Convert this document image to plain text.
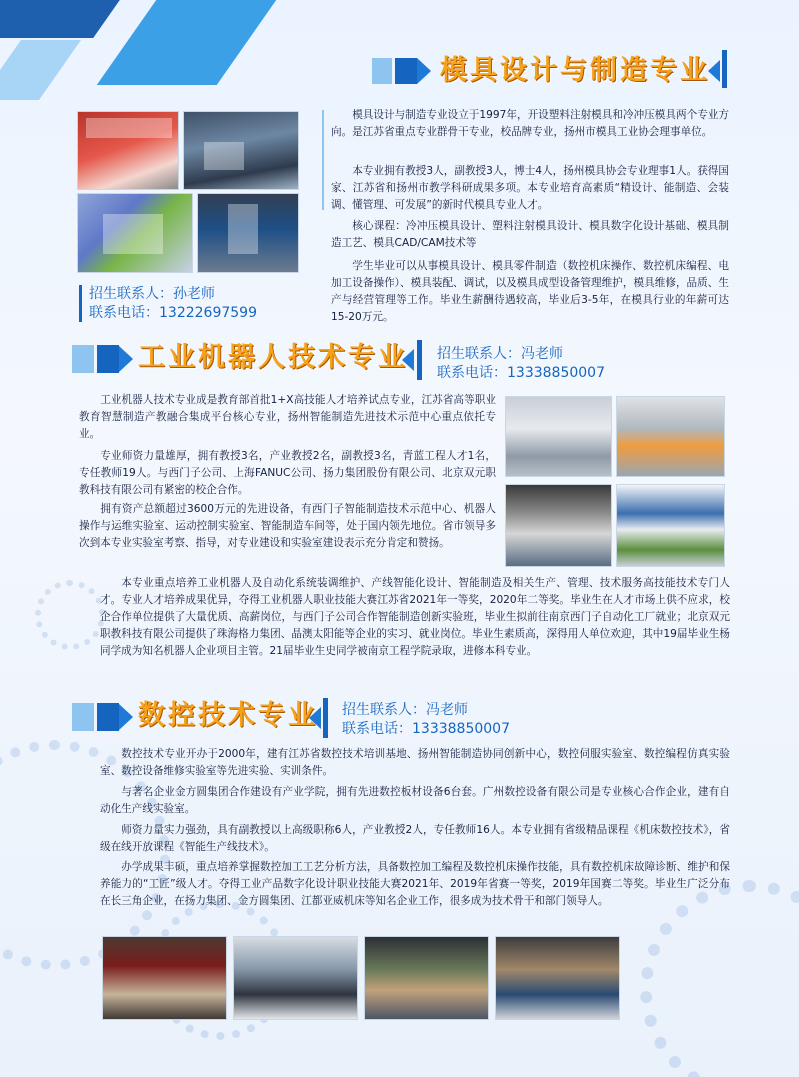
模具设计与制造专业
招生联系人：孙老师
联系电话：13222697599
模具设计与制造专业设立于1997年，开设塑料注射模具和冷冲压模具两个专业方向。是江苏省重点专业群骨干专业，校品牌专业，扬州市模具工业协会理事单位。
本专业拥有教授3人，副教授3人，博士4人，扬州模具协会专业理事1人。获得国家、江苏省和扬州市教学科研成果多项。本专业培育高素质“精设计、能制造、会装调、懂管理、可发展”的新时代模具专业人才。
核心课程：冷冲压模具设计、塑料注射模具设计、模具数字化设计基础、模具制造工艺、模具CAD/CAM技术等
学生毕业可以从事模具设计、模具零件制造（数控机床操作、数控机床编程、电加工设备操作）、模具装配、调试，以及模具成型设备管理维护，模具维修，品质、生产与经营管理等工作。毕业生薪酬待遇较高，毕业后3-5年，在模具行业的年薪可达15-20万元。
工业机器人技术专业 招生联系人：冯老师
联系电话：13338850007
工业机器人技术专业成是教育部首批1+X高技能人才培养试点专业，江苏省高等职业教育智慧制造产教融合集成平台核心专业，扬州智能制造先进技术示范中心重点依托专业。
专业师资力量雄厚，拥有教授3名，产业教授2名，副教授3名，青蓝工程人才1名，专任教师19人。与西门子公司、上海FANUC公司、扬力集团股份有限公司、北京双元职教科技有限公司有紧密的校企合作。
拥有资产总额超过3600万元的先进设备，有西门子智能制造技术示范中心、机器人操作与运维实验室、运动控制实验室、智能制造车间等，处于国内领先地位。省市领导多次到本专业实验室考察、指导，对专业建设和实验室建设表示充分肯定和赞扬。
本专业重点培养工业机器人及自动化系统装调维护、产线智能化设计、智能制造及相关生产、管理、技术服务高技能技术专门人才。专业人才培养成果优异，夺得工业机器人职业技能大赛江苏省2021年一等奖，2020年二等奖。毕业生在人才市场上供不应求，校企合作单位提供了大量优质、高薪岗位，与西门子公司合作智能制造创新实验班，毕业生拟前往南京西门子自动化工厂就业；北京双元职教科技有限公司提供了珠海格力集团、晶澳太阳能等企业的实习、就业岗位。毕业生素质高，深得用人单位欢迎，其中19届毕业生杨同学成为知名机器人企业项目主管。21届毕业生史同学被南京工程学院录取，进修本科专业。
数控技术专业 招生联系人：冯老师
联系电话：13338850007
数控技术专业开办于2000年，建有江苏省数控技术培训基地、扬州智能制造协同创新中心，数控伺服实验室、数控编程仿真实验室、数控设备维修实验室等先进实验、实训条件。
与著名企业金方圆集团合作建设有产业学院，拥有先进数控板材设备6台套。广州数控设备有限公司是专业核心合作企业，建有自动化生产线实验室。
师资力量实力强劲，具有副教授以上高级职称6人，产业教授2人，专任教师16人。本专业拥有省级精品课程《机床数控技术》，省级在线开放课程《智能生产线技术》。
办学成果丰硕，重点培养掌握数控加工工艺分析方法，具备数控加工编程及数控机床操作技能，具有数控机床故障诊断、维护和保养能力的“工匠”级人才。夺得工业产品数字化设计职业技能大赛2021年、2019年省赛一等奖，2019年国赛二等奖。毕业生广泛分布在长三角企业，在扬力集团、金方圆集团、江都亚威机床等知名企业工作，很多成为技术骨干和部门领导人。
